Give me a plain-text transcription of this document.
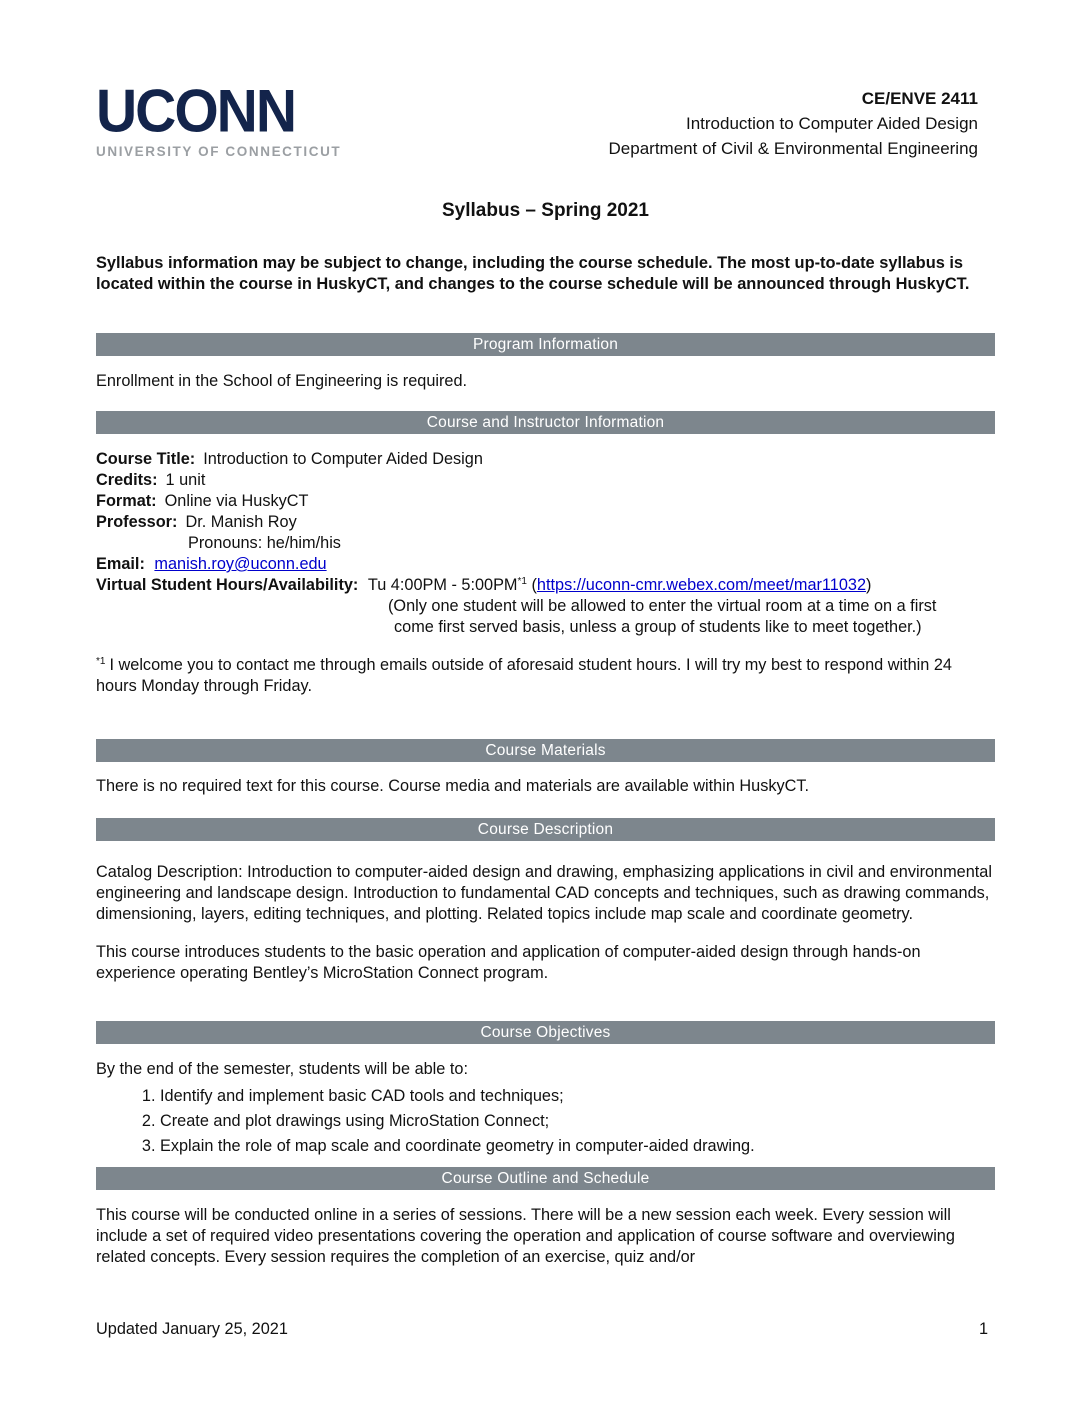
UCONN
UNIVERSITY OF CONNECTICUT
CE/ENVE 2411
Introduction to Computer Aided Design
Department of Civil & Environmental Engineering
Syllabus – Spring 2021

Syllabus information may be subject to change, including the course schedule. The most up-to-date syllabus is located within the course in HuskyCT, and changes to the course schedule will be announced through HuskyCT.

Program Information

Enrollment in the School of Engineering is required.

Course and Instructor Information
Course Title: Introduction to Computer Aided Design
Credits: 1 unit
Format: Online via HuskyCT
Professor: Dr. Manish Roy
Pronouns: he/him/his
Email: manish.roy@uconn.edu
Virtual Student Hours/Availability: Tu 4:00PM - 5:00PM$^{*1}$ (https://uconn-cmr.webex.com/meet/mar11032)
(Only one student will be allowed to enter the virtual room at a time on a first
come first served basis, unless a group of students like to meet together.)

$^{*1}$ I welcome you to contact me through emails outside of aforesaid student hours. I will try my best to respond within 24 hours Monday through Friday.

Course Materials

There is no required text for this course. Course media and materials are available within HuskyCT.

Course Description

Catalog Description: Introduction to computer-aided design and drawing, emphasizing applications in civil and environmental engineering and landscape design. Introduction to fundamental CAD concepts and techniques, such as drawing commands, dimensioning, layers, editing techniques, and plotting. Related topics include map scale and coordinate geometry.

This course introduces students to the basic operation and application of computer-aided design through hands-on experience operating Bentley’s MicroStation Connect program.

Course Objectives

By the end of the semester, students will be able to:

1. Identify and implement basic CAD tools and techniques;
2. Create and plot drawings using MicroStation Connect;
3. Explain the role of map scale and coordinate geometry in computer-aided drawing.
Course Outline and Schedule

This course will be conducted online in a series of sessions. There will be a new session each week. Every session will include a set of required video presentations covering the operation and application of course software and overviewing related concepts. Every session requires the completion of an exercise, quiz and/or

Updated January 25, 2021	1
